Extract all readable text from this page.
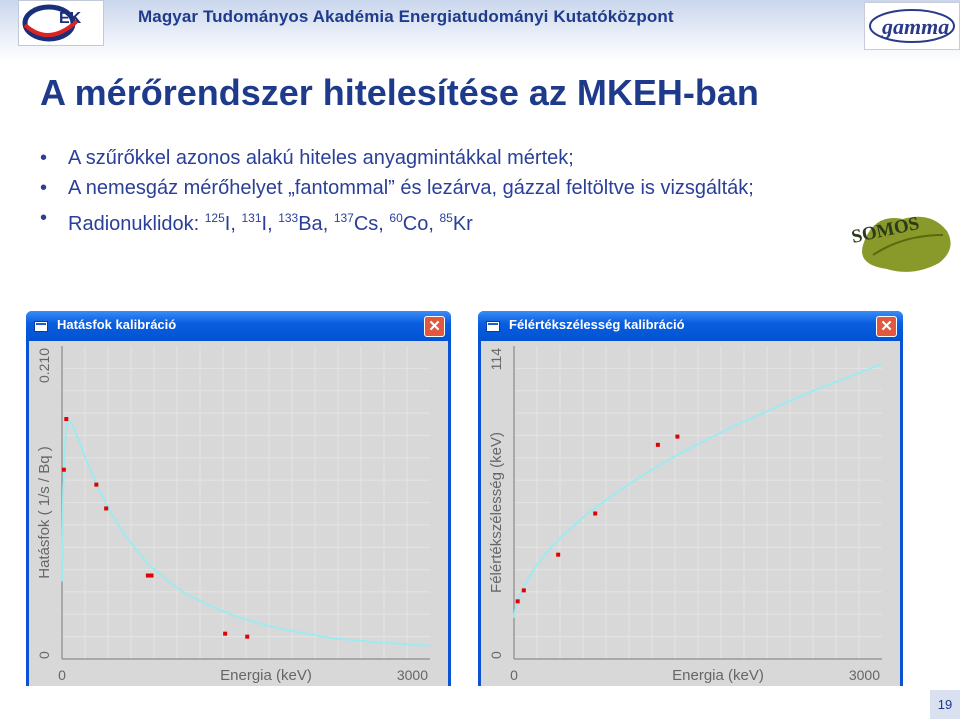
EK	Magyar Tudományos Akadémia Energiatudományi Kutatóközpont	gamma
A mérőrendszer hitelesítése az MKEH-ban
• A szűrőkkel azonos alakú hiteles anyagmintákkal mértek;
• A nemesgáz mérőhelyet „fantommal” és lezárva, gázzal feltöltve is vizsgálták;
• Radionuklidok: $^{125}$I, $^{131}$I, $^{133}$Ba, $^{137}$Cs, $^{60}$Co, $^{85}$Kr	SOMOS
Hatásfok kalibráció	✕
0	3000
Energia (keV)
0
0.210
Hatásfok ( 1/s / Bq )
Félértékszélesség kalibráció	✕
0	3000
Energia (keV)
0
114
Félértékszélesség (keV)
19
